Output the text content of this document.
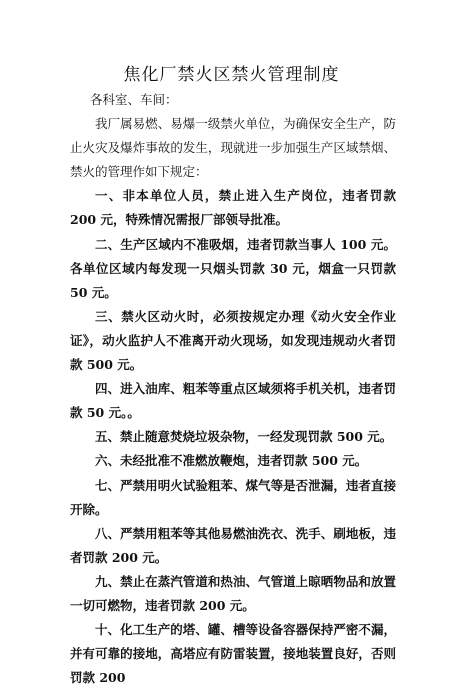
焦化厂禁火区禁火管理制度

各科室、车间：

我厂属易燃、易爆一级禁火单位，为确保安全生产，防止火灾及爆炸事故的发生，现就进一步加强生产区域禁烟、禁火的管理作如下规定：

一、非本单位人员，禁止进入生产岗位，违者罚款 200 元，特殊情况需报厂部领导批准。

二、生产区域内不准吸烟，违者罚款当事人 100 元。各单位区域内每发现一只烟头罚款 30 元，烟盒一只罚款 50 元。

三、禁火区动火时，必须按规定办理《动火安全作业证》，动火监护人不准离开动火现场，如发现违规动火者罚款 500 元。

四、进入油库、粗苯等重点区域须将手机关机，违者罚款 50 元。。

五、禁止随意焚烧垃圾杂物，一经发现罚款 500 元。

六、未经批准不准燃放鞭炮，违者罚款 500 元。

七、严禁用明火试验粗苯、煤气等是否泄漏，违者直接开除。

八、严禁用粗苯等其他易燃油洗衣、洗手、刷地板，违者罚款 200 元。

九、禁止在蒸汽管道和热油、气管道上晾晒物品和放置一切可燃物，违者罚款 200 元。

十、化工生产的塔、罐、槽等设备容器保持严密不漏，并有可靠的接地，高塔应有防雷装置，接地装置良好，否则罚款 200
